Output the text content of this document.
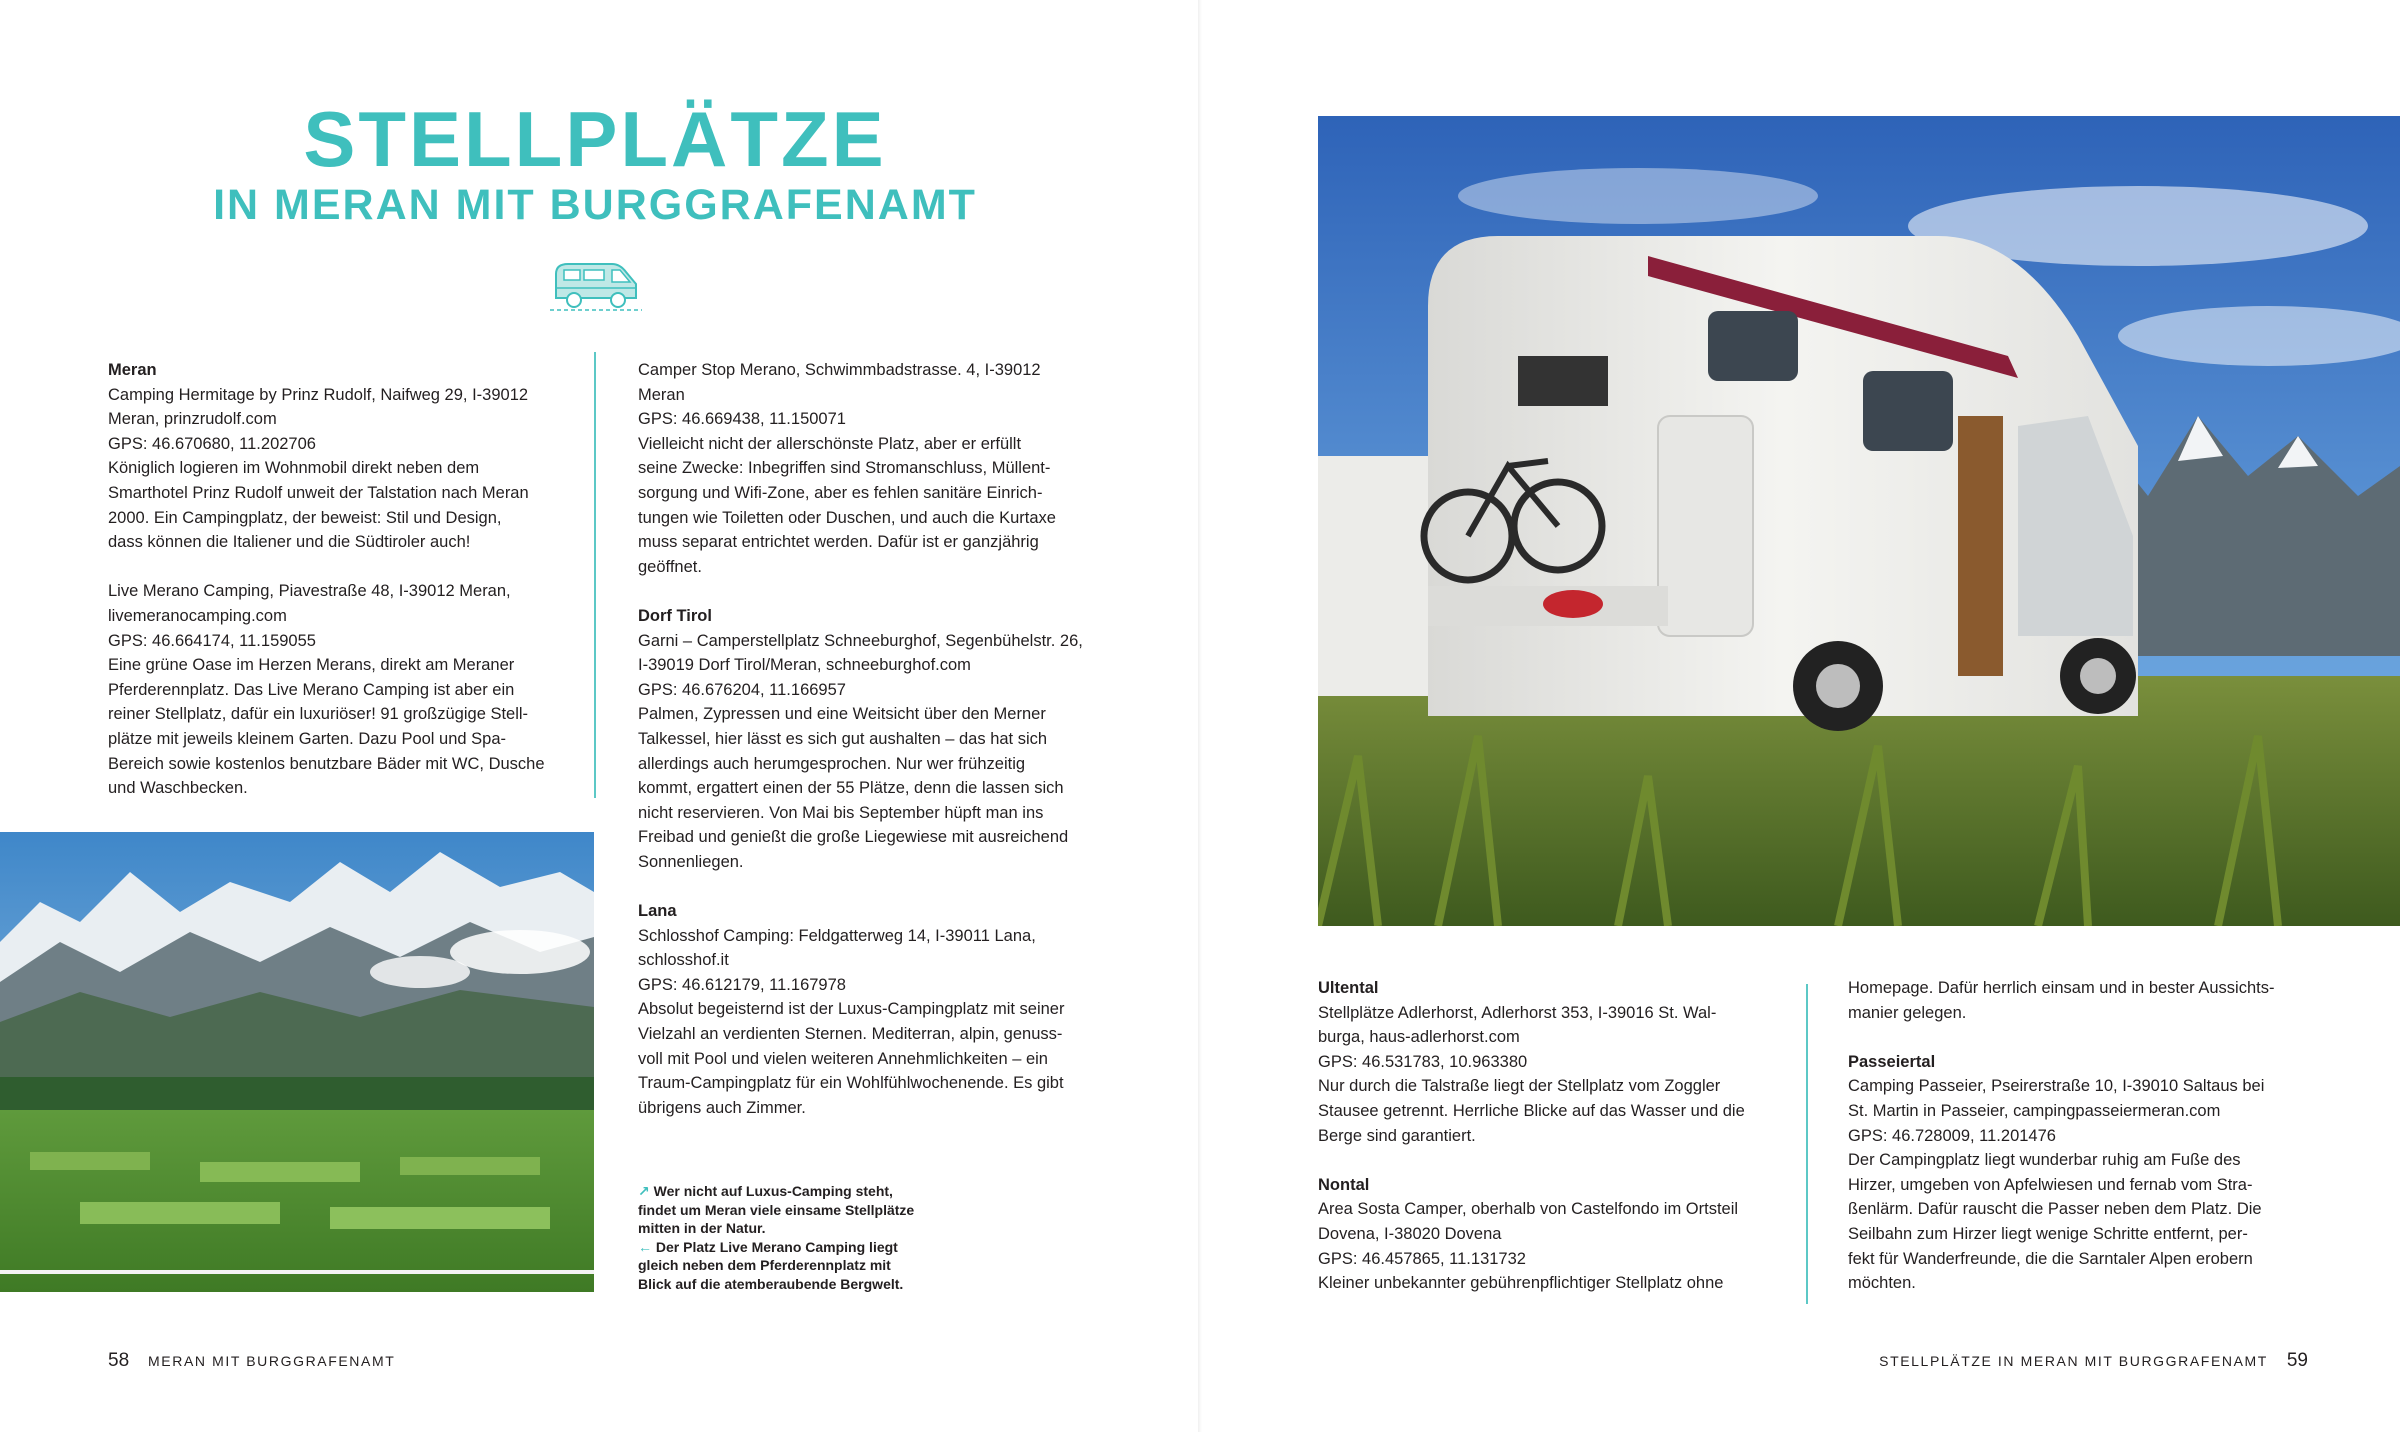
STELLPLÄTZE
IN MERAN MIT BURGGRAFENAMT
Meran

Camping Hermitage by Prinz Rudolf, Naifweg 29, I-39012

Meran, prinzrudolf.com

GPS: 46.670680, 11.202706

Königlich logieren im Wohnmobil direkt neben dem

Smarthotel Prinz Rudolf unweit der Talstation nach Meran

2000. Ein Campingplatz, der beweist: Stil und Design,

dass können die Italiener und die Südtiroler auch!

Live Merano Camping, Piavestraße 48, I-39012 Meran,

livemeranocamping.com

GPS: 46.664174, 11.159055

Eine grüne Oase im Herzen Merans, direkt am Meraner

Pferderennplatz. Das Live Merano Camping ist aber ein

reiner Stellplatz, dafür ein luxuriöser! 91 großzügige Stell-

plätze mit jeweils kleinem Garten. Dazu Pool und Spa-

Bereich sowie kostenlos benutzbare Bäder mit WC, Dusche

und Waschbecken.

Camper Stop Merano, Schwimmbadstrasse. 4, I-39012

Meran

GPS: 46.669438, 11.150071

Vielleicht nicht der allerschönste Platz, aber er erfüllt

seine Zwecke: Inbegriffen sind Stromanschluss, Müllent-

sorgung und Wifi-Zone, aber es fehlen sanitäre Einrich-

tungen wie Toiletten oder Duschen, und auch die Kurtaxe

muss separat entrichtet werden. Dafür ist er ganzjährig

geöffnet.

Dorf Tirol

Garni – Camperstellplatz Schneeburghof, Segenbühelstr. 26,

I-39019 Dorf Tirol/Meran, schneeburghof.com

GPS: 46.676204, 11.166957

Palmen, Zypressen und eine Weitsicht über den Merner

Talkessel, hier lässt es sich gut aushalten – das hat sich

allerdings auch herumgesprochen. Nur wer frühzeitig

kommt, ergattert einen der 55 Plätze, denn die lassen sich

nicht reservieren. Von Mai bis September hüpft man ins

Freibad und genießt die große Liegewiese mit ausreichend

Sonnenliegen.

Lana

Schlosshof Camping: Feldgatterweg 14, I-39011 Lana,

schlosshof.it

GPS: 46.612179, 11.167978

Absolut begeisternd ist der Luxus-Campingplatz mit seiner

Vielzahl an verdienten Sternen. Mediterran, alpin, genuss-

voll mit Pool und vielen weiteren Annehmlichkeiten – ein

Traum-Campingplatz für ein Wohlfühlwochenende. Es gibt

übrigens auch Zimmer.

↗ Wer nicht auf Luxus-Camping steht,

findet um Meran viele einsame Stellplätze

mitten in der Natur.

← Der Platz Live Merano Camping liegt

gleich neben dem Pferderennplatz mit

Blick auf die atemberaubende Bergwelt.

58 MERAN MIT BURGGRAFENAMT
Ultental

Stellplätze Adlerhorst, Adlerhorst 353, I-39016 St. Wal-

burga, haus-adlerhorst.com

GPS: 46.531783, 10.963380

Nur durch die Talstraße liegt der Stellplatz vom Zoggler

Stausee getrennt. Herrliche Blicke auf das Wasser und die

Berge sind garantiert.

Nontal

Area Sosta Camper, oberhalb von Castelfondo im Ortsteil

Dovena, I-38020 Dovena

GPS: 46.457865, 11.131732

Kleiner unbekannter gebührenpflichtiger Stellplatz ohne

Homepage. Dafür herrlich einsam und in bester Aussichts-

manier gelegen.

Passeiertal

Camping Passeier, Pseirerstraße 10, I-39010 Saltaus bei

St. Martin in Passeier, campingpasseiermeran.com

GPS: 46.728009, 11.201476

Der Campingplatz liegt wunderbar ruhig am Fuße des

Hirzer, umgeben von Apfelwiesen und fernab vom Stra-

ßenlärm. Dafür rauscht die Passer neben dem Platz. Die

Seilbahn zum Hirzer liegt wenige Schritte entfernt, per-

fekt für Wanderfreunde, die die Sarntaler Alpen erobern

möchten.

STELLPLÄTZE IN MERAN MIT BURGGRAFENAMT 59
